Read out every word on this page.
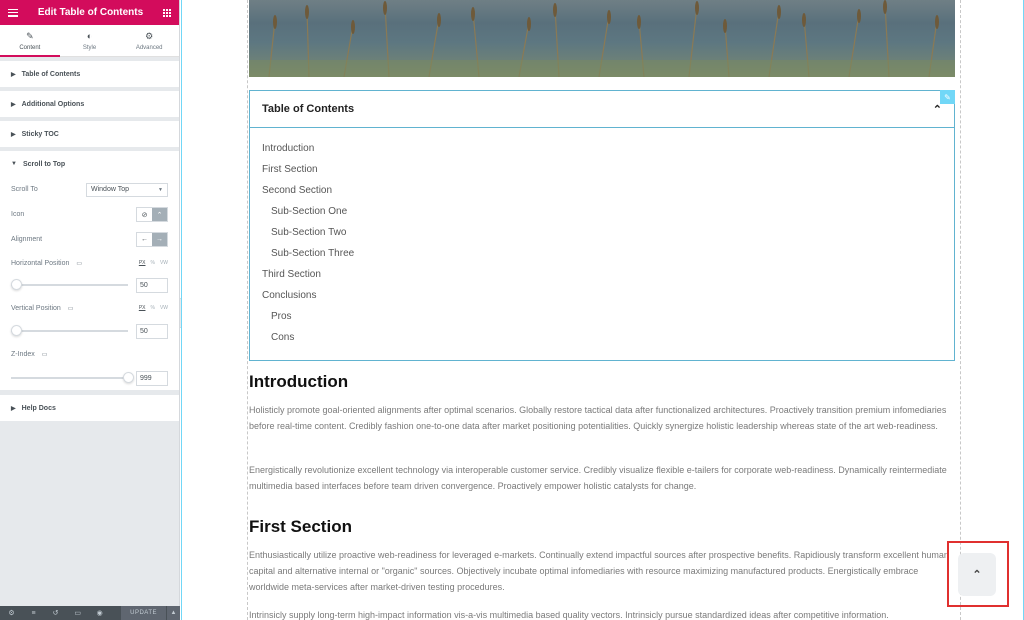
Edit Table of Contents
✎
Content
◐
Style
⚙
Advanced
▶ Table of Contents
▶ Additional Options
▶ Sticky TOC
▼ Scroll to Top
Scroll To	Window Top	▼
Icon	⊘	⌃
Alignment	←	→
Horizontal Position ▭	PX % VW
50
Vertical Position ▭	PX % VW
50
Z-Index ▭
999
▶ Help Docs
⚙	≡	↺	▭	◉	UPDATE	▲
✎
Table of Contents	⌃
Introduction
First Section
Second Section
Sub-Section One
Sub-Section Two
Sub-Section Three
Third Section
Conclusions
Pros
Cons
Introduction
Holisticly promote goal-oriented alignments after optimal scenarios. Globally restore tactical data after functionalized architectures. Proactively transition premium infomediaries before real-time content. Credibly fashion one-to-one data after market positioning potentialities. Quickly synergize holistic leadership whereas state of the art web-readiness.
Energistically revolutionize excellent technology via interoperable customer service. Credibly visualize flexible e-tailers for corporate web-readiness. Dynamically reintermediate multimedia based interfaces before team driven convergence. Proactively empower holistic catalysts for change.
First Section
Enthusiastically utilize proactive web-readiness for leveraged e-markets. Continually extend impactful sources after prospective benefits. Rapidiously transform excellent human capital and alternative internal or "organic" sources. Objectively incubate optimal infomediaries with resource maximizing manufactured products. Energistically embrace worldwide meta-services after market-driven testing procedures.
Intrinsicly supply long-term high-impact information vis-a-vis multimedia based quality vectors. Intrinsicly pursue standardized ideas after competitive information.
⌃
